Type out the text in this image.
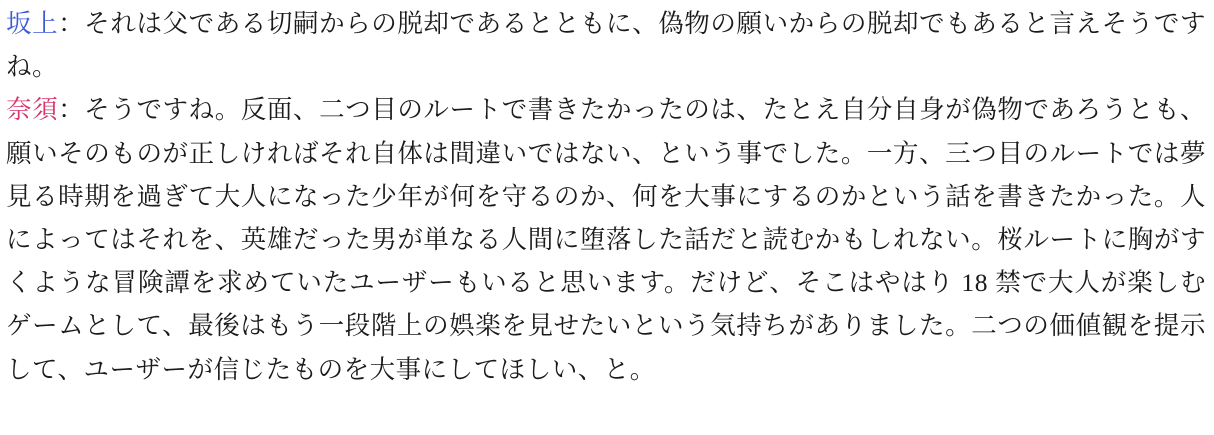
坂上：それは父である切嗣からの脱却であるとともに、偽物の願いからの脱却でもあると言えそうですね。

奈須：そうですね。反面、二つ目のルートで書きたかったのは、たとえ自分自身が偽物であろうとも、願いそのものが正しければそれ自体は間違いではない、という事でした。一方、三つ目のルートでは夢見る時期を過ぎて大人になった少年が何を守るのか、何を大事にするのかという話を書きたかった。人によってはそれを、英雄だった男が単なる人間に堕落した話だと読むかもしれない。桜ルートに胸がすくような冒険譚を求めていたユーザーもいると思います。だけど、そこはやはり 18 禁で大人が楽しむゲームとして、最後はもう一段階上の娯楽を見せたいという気持ちがありました。二つの価値観を提示して、ユーザーが信じたものを大事にしてほしい、と。
